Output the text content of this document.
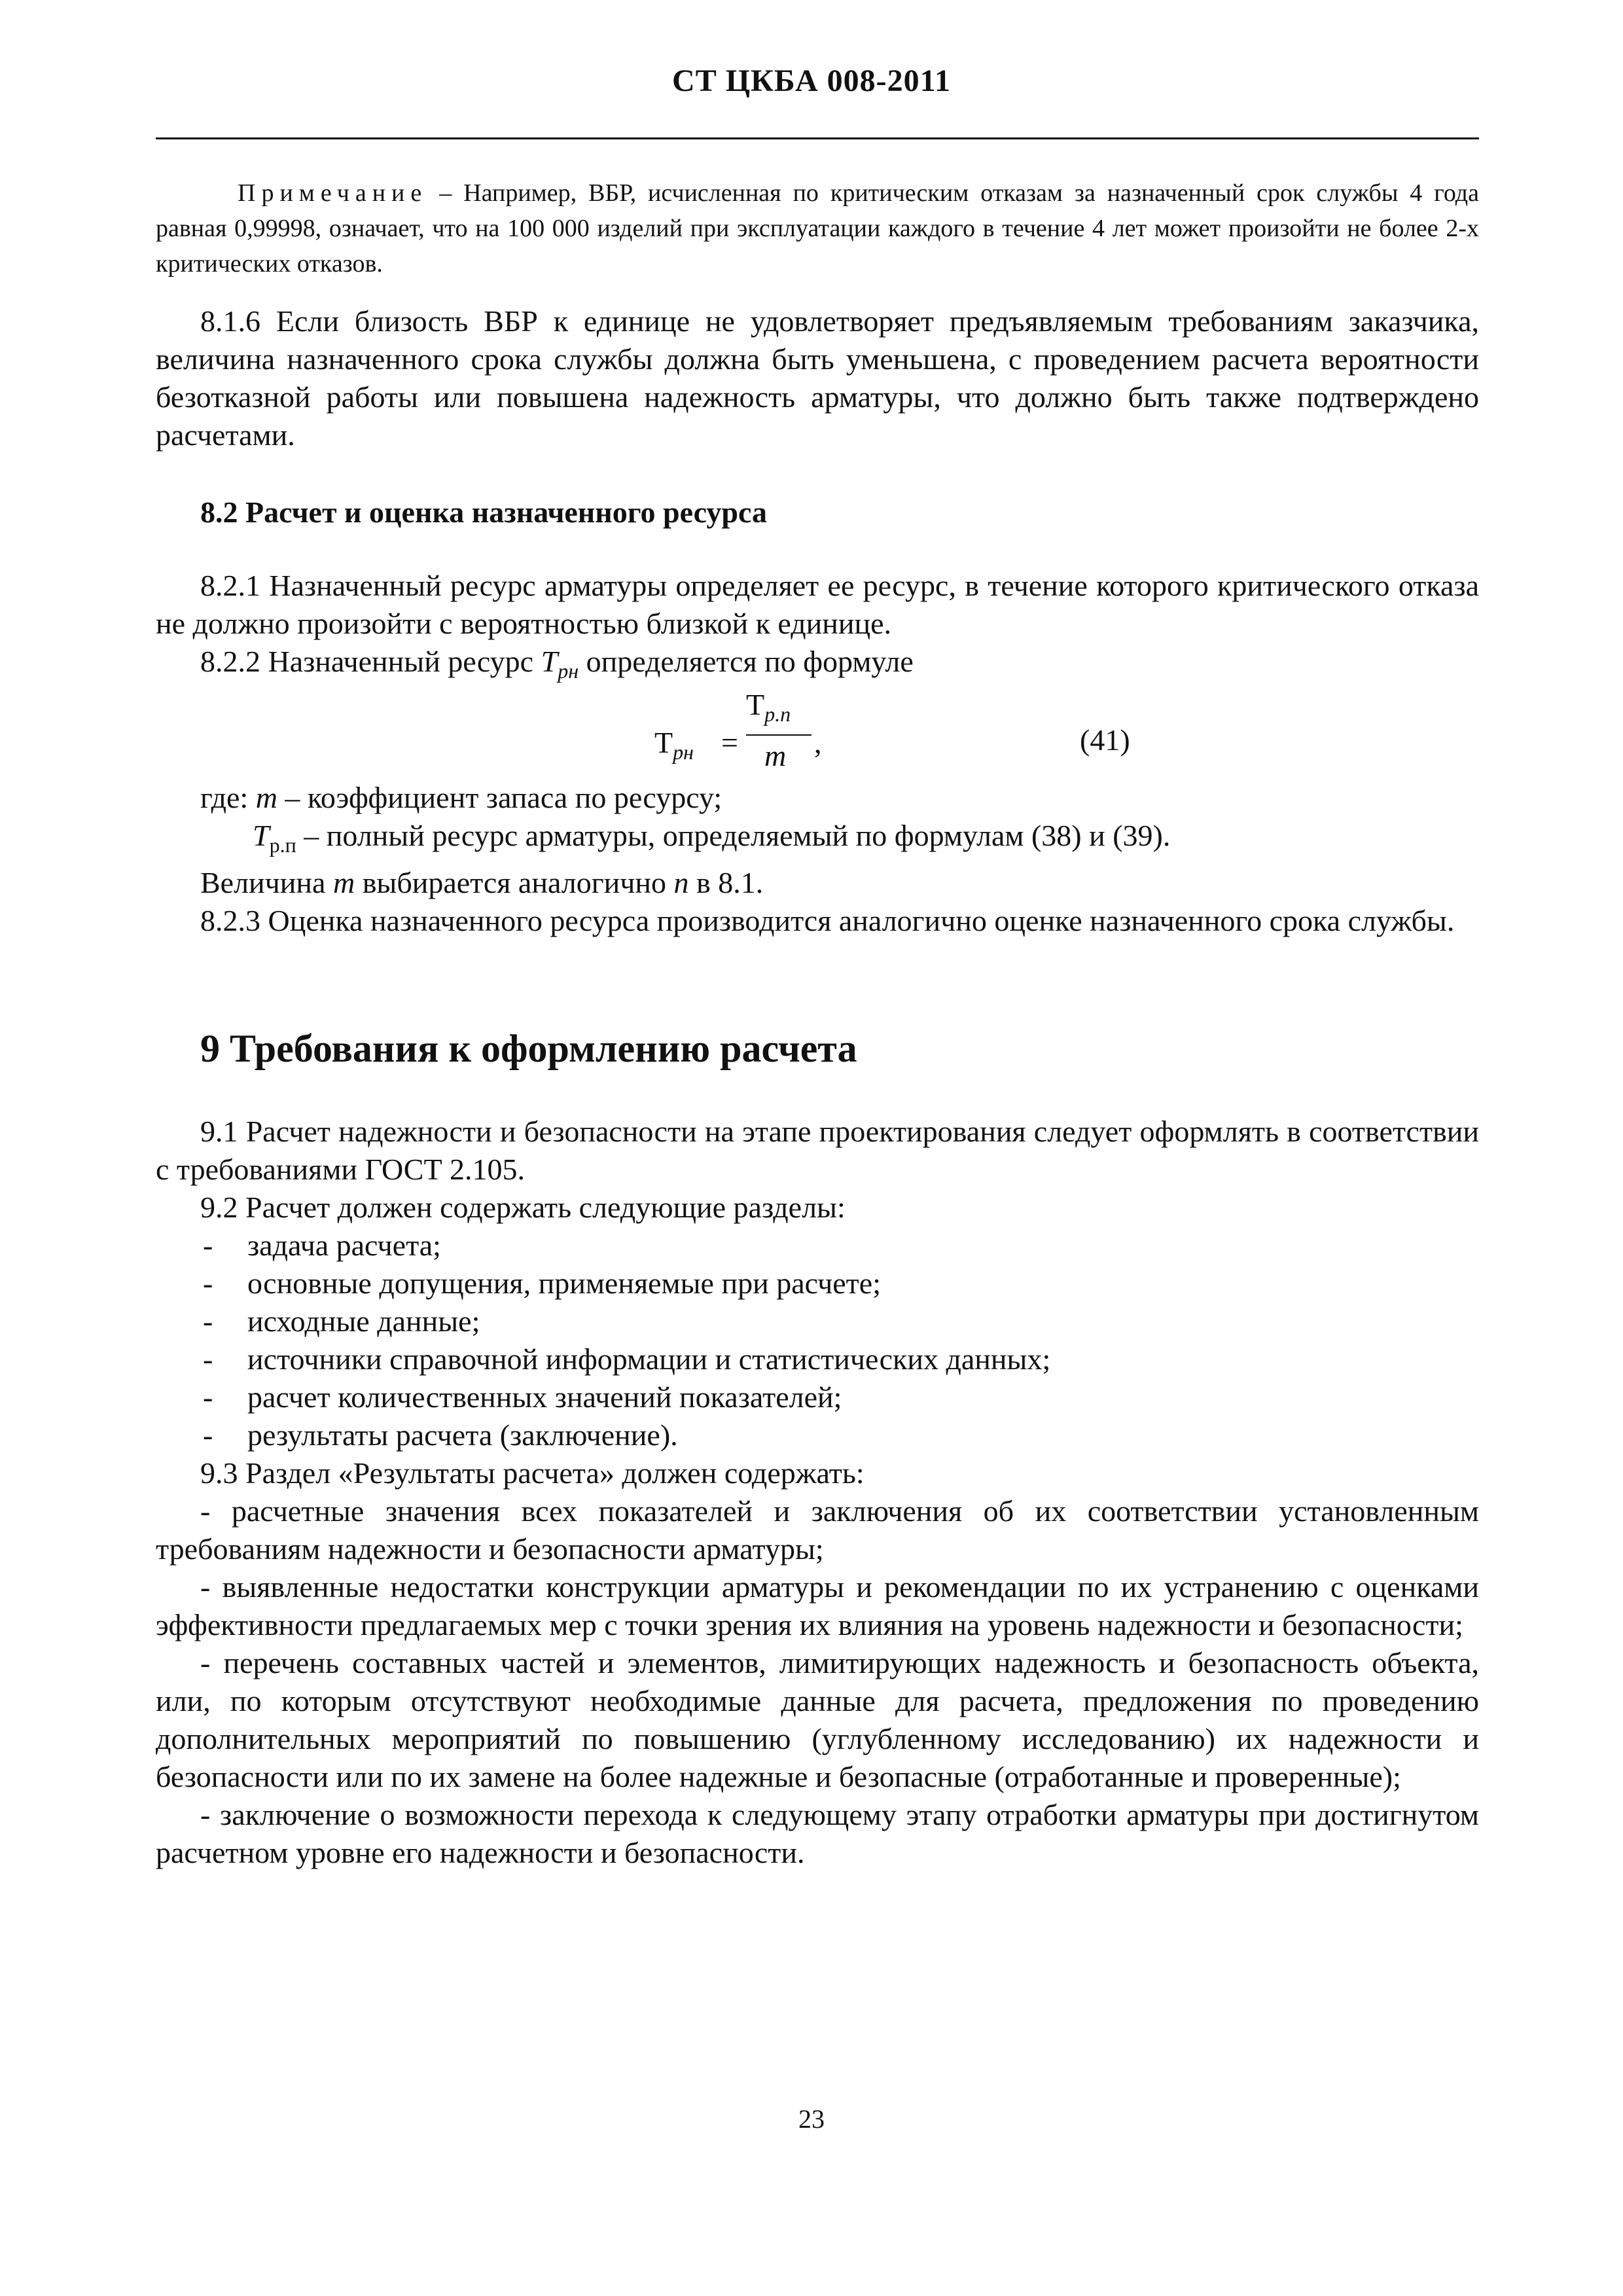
СТ ЦКБА 008-2011
Примечание – Например, ВБР, исчисленная по критическим отказам за назначенный срок службы 4 года равная 0,99998, означает, что на 100 000 изделий при эксплуатации каждого в течение 4 лет может произойти не более 2-х критических отказов.

8.1.6 Если близость ВБР к единице не удовлетворяет предъявляемым требованиям заказчика, величина назначенного срока службы должна быть уменьшена, с проведением расчета вероятности безотказной работы или повышена надежность арматуры, что должно быть также подтверждено расчетами.

8.2 Расчет и оценка назначенного ресурса

8.2.1 Назначенный ресурс арматуры определяет ее ресурс, в течение которого критического отказа не должно произойти с вероятностью близкой к единице.

8.2.2 Назначенный ресурс $T_{рн}$ определяется по формуле

$T_{рн}$ =
$T_{р.п}$
m ,	(41)

где: m – коэффициент запаса по ресурсу;

$T_{р.п}$ – полный ресурс арматуры, определяемый по формулам (38) и (39).

Величина m выбирается аналогично n в 8.1.

8.2.3 Оценка назначенного ресурса производится аналогично оценке назначенного срока службы.

9 Требования к оформлению расчета

9.1 Расчет надежности и безопасности на этапе проектирования следует оформлять в соответствии с требованиями ГОСТ 2.105.

9.2 Расчет должен содержать следующие разделы:

- задача расчета;
- основные допущения, применяемые при расчете;
- исходные данные;
- источники справочной информации и статистических данных;
- расчет количественных значений показателей;
- результаты расчета (заключение).

9.3 Раздел «Результаты расчета» должен содержать:

- расчетные значения всех показателей и заключения об их соответствии установленным требованиям надежности и безопасности арматуры;

- выявленные недостатки конструкции арматуры и рекомендации по их устранению с оценками эффективности предлагаемых мер с точки зрения их влияния на уровень надежности и безопасности;

- перечень составных частей и элементов, лимитирующих надежность и безопасность объекта, или, по которым отсутствуют необходимые данные для расчета, предложения по проведению дополнительных мероприятий по повышению (углубленному исследованию) их надежности и безопасности или по их замене на более надежные и безопасные (отработанные и проверенные);

- заключение о возможности перехода к следующему этапу отработки арматуры при достигнутом расчетном уровне его надежности и безопасности.

23
